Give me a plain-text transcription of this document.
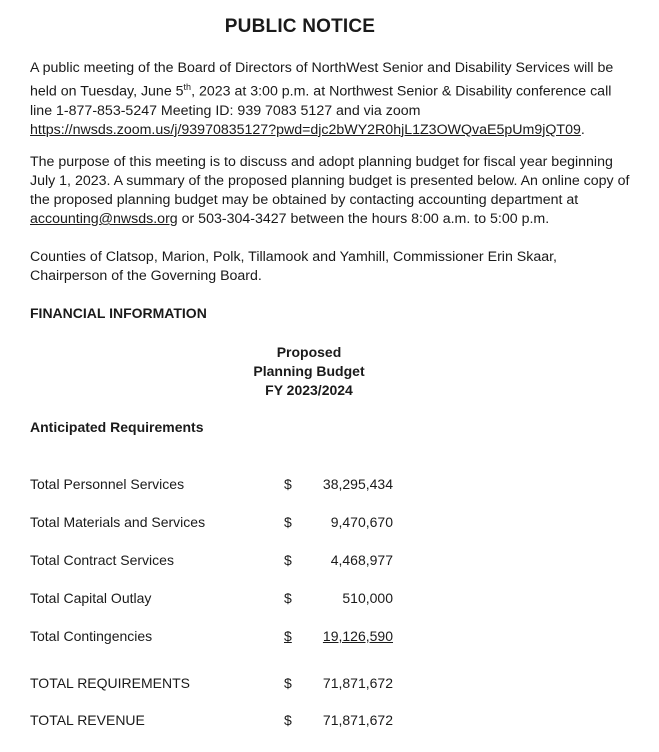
PUBLIC NOTICE

A public meeting of the Board of Directors of NorthWest Senior and Disability Services will be held on Tuesday, June 5th, 2023 at 3:00 p.m. at Northwest Senior & Disability conference call line 1-877-853-5247 Meeting ID: 939 7083 5127 and via zoom https://nwsds.zoom.us/j/93970835127?pwd=djc2bWY2R0hjL1Z3OWQvaE5pUm9jQT09.

The purpose of this meeting is to discuss and adopt planning budget for fiscal year beginning July 1, 2023. A summary of the proposed planning budget is presented below. An online copy of the proposed planning budget may be obtained by contacting accounting department at accounting@nwsds.org or 503-304-3427 between the hours 8:00 a.m. to 5:00 p.m.

Counties of Clatsop, Marion, Polk, Tillamook and Yamhill, Commissioner Erin Skaar, Chairperson of the Governing Board.

FINANCIAL INFORMATION
Proposed
Planning Budget
FY 2023/2024
Anticipated Requirements
Total Personnel Services	$ 38,295,434
Total Materials and Services	$	9,470,670
Total Contract Services	$	4,468,977
Total Capital Outlay	$	510,000
Total Contingencies	$ 19,126,590
TOTAL REQUIREMENTS	$ 71,871,672
TOTAL REVENUE	$ 71,871,672
